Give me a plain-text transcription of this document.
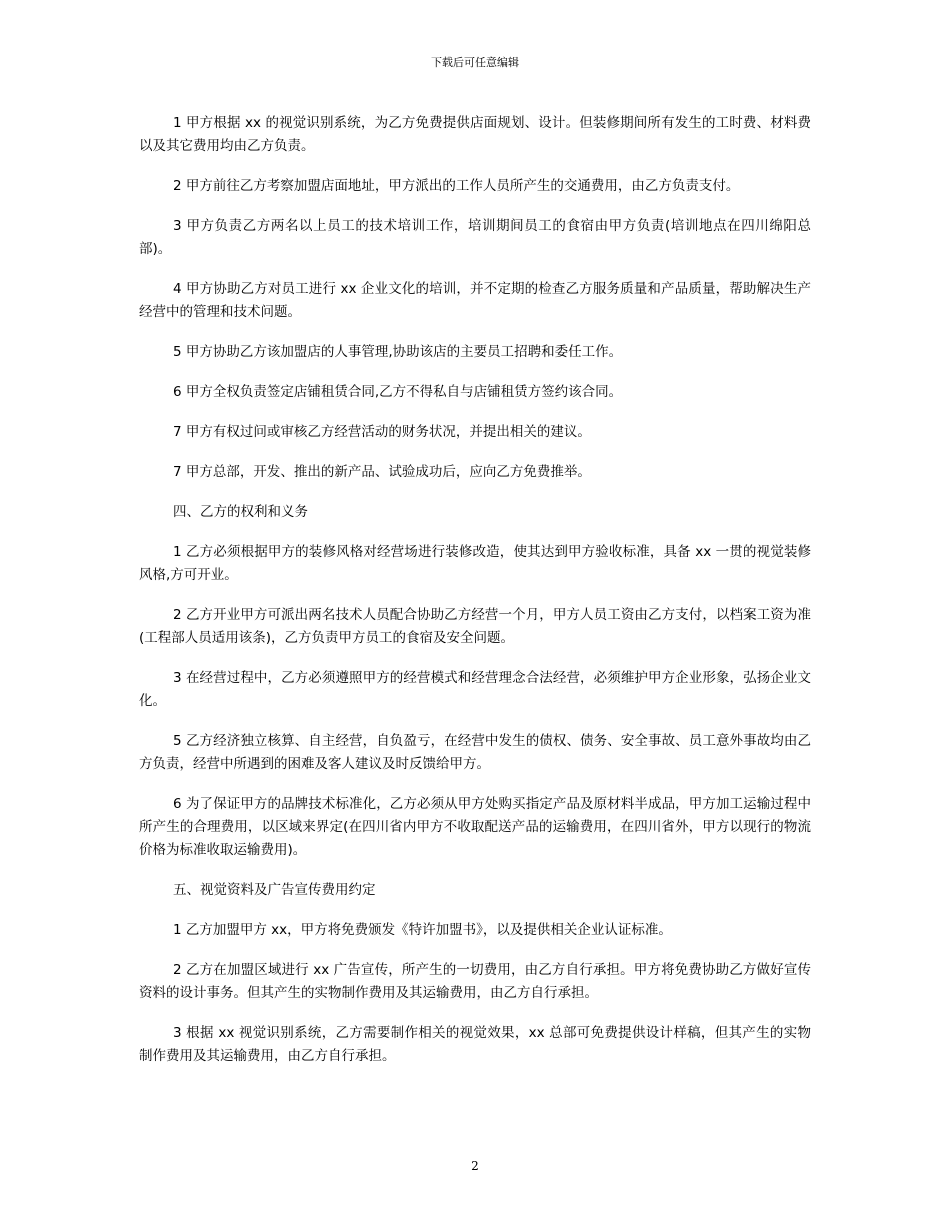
下载后可任意编辑

1 甲方根据 xx 的视觉识别系统，为乙方免费提供店面规划、设计。但装修期间所有发生的工时费、材料费以及其它费用均由乙方负责。

2 甲方前往乙方考察加盟店面地址，甲方派出的工作人员所产生的交通费用，由乙方负责支付。

3 甲方负责乙方两名以上员工的技术培训工作，培训期间员工的食宿由甲方负责(培训地点在四川绵阳总部)。

4 甲方协助乙方对员工进行 xx 企业文化的培训，并不定期的检查乙方服务质量和产品质量，帮助解决生产经营中的管理和技术问题。

5 甲方协助乙方该加盟店的人事管理,协助该店的主要员工招聘和委任工作。

6 甲方全权负责签定店铺租赁合同,乙方不得私自与店铺租赁方签约该合同。

7 甲方有权过问或审核乙方经营活动的财务状况，并提出相关的建议。

7 甲方总部，开发、推出的新产品、试验成功后，应向乙方免费推举。

四、乙方的权利和义务

1 乙方必须根据甲方的装修风格对经营场进行装修改造，使其达到甲方验收标准，具备 xx 一贯的视觉装修风格,方可开业。

2 乙方开业甲方可派出两名技术人员配合协助乙方经营一个月，甲方人员工资由乙方支付，以档案工资为准(工程部人员适用该条)，乙方负责甲方员工的食宿及安全问题。

3 在经营过程中，乙方必须遵照甲方的经营模式和经营理念合法经营，必须维护甲方企业形象，弘扬企业文化。

5 乙方经济独立核算、自主经营，自负盈亏，在经营中发生的债权、债务、安全事故、员工意外事故均由乙方负责，经营中所遇到的困难及客人建议及时反馈给甲方。

6 为了保证甲方的品牌技术标准化，乙方必须从甲方处购买指定产品及原材料半成品，甲方加工运输过程中所产生的合理费用，以区域来界定(在四川省内甲方不收取配送产品的运输费用，在四川省外，甲方以现行的物流价格为标准收取运输费用)。

五、视觉资料及广告宣传费用约定

1 乙方加盟甲方 xx，甲方将免费颁发《特许加盟书》，以及提供相关企业认证标准。

2 乙方在加盟区域进行 xx 广告宣传，所产生的一切费用，由乙方自行承担。甲方将免费协助乙方做好宣传资料的设计事务。但其产生的实物制作费用及其运输费用，由乙方自行承担。

3 根据 xx 视觉识别系统，乙方需要制作相关的视觉效果，xx 总部可免费提供设计样稿，但其产生的实物制作费用及其运输费用，由乙方自行承担。

2
